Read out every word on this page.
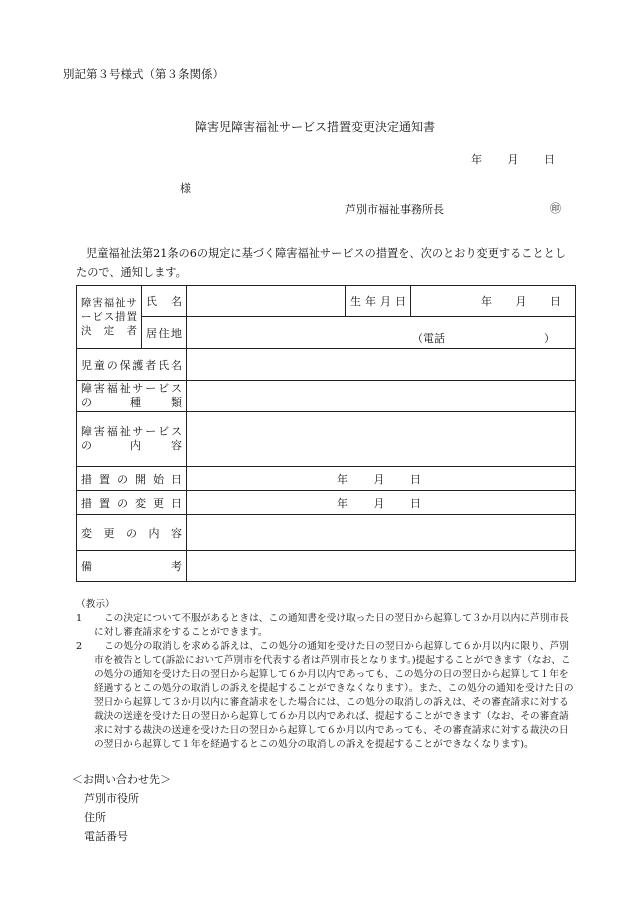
別記第３号様式（第３条関係）
障害児障害福祉サービス措置変更決定通知書
年 月 日
様
芦別市福祉事務所長	㊞
児童福祉法第21条の6の規定に基づく障害福祉サービスの措置を、次のとおり変更することとしたので、通知します。
障害福祉サービス措置決定者	氏　名		生年月日	年 月 日
	居住地	（電話　　　　　　　　　）		
児童の保護者氏名				

障害福祉サービス
の 種類				

障害福祉サービス
の 内容				

措置の開始日		年 月 日		
措置の変更日		年 月 日		
変更の内容				
備　　考				
（教示）
1	この決定について不服があるときは、この通知書を受け取った日の翌日から起算して３か月以内に芦別市長に対し審査請求をすることができます。
2	この処分の取消しを求める訴えは、この処分の通知を受けた日の翌日から起算して６か月以内に限り、芦別市を被告として(訴訟において芦別市を代表する者は芦別市長となります。)提起することができます（なお、この処分の通知を受けた日の翌日から起算して６か月以内であっても、この処分の日の翌日から起算して１年を経過するとこの処分の取消しの訴えを提起することができなくなります）。また、この処分の通知を受けた日の翌日から起算して３か月以内に審査請求をした場合には、この処分の取消しの訴えは、その審査請求に対する裁決の送達を受けた日の翌日から起算して６か月以内であれば、提起することができます（なお、その審査請求に対する裁決の送達を受けた日の翌日から起算して６か月以内であっても、その審査請求に対する裁決の日の翌日から起算して１年を経過するとこの処分の取消しの訴えを提起することができなくなります)。
＜お問い合わせ先＞
芦別市役所
住所
電話番号
